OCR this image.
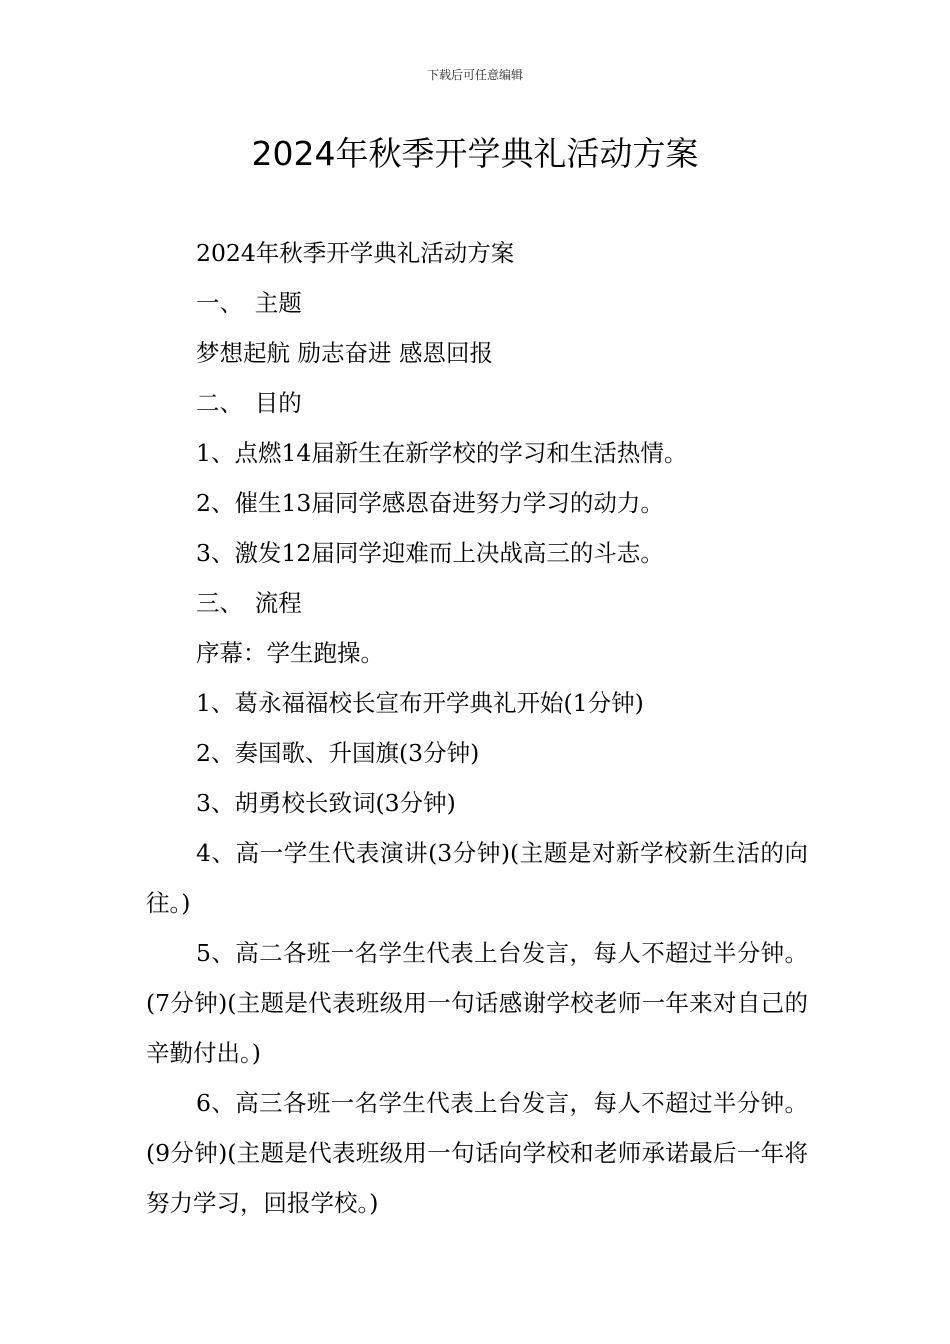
下载后可任意编辑
2024年秋季开学典礼活动方案
2024年秋季开学典礼活动方案
一、　主题
梦想起航 励志奋进 感恩回报
二、　目的
1、点燃14届新生在新学校的学习和生活热情。
2、催生13届同学感恩奋进努力学习的动力。
3、激发12届同学迎难而上决战高三的斗志。
三、　流程
序幕：学生跑操。
1、葛永福福校长宣布开学典礼开始(1分钟)
2、奏国歌、升国旗(3分钟)
3、胡勇校长致词(3分钟)
4、高一学生代表演讲(3分钟)(主题是对新学校新生活的向往。)
5、高二各班一名学生代表上台发言，每人不超过半分钟。(7分钟)(主题是代表班级用一句话感谢学校老师一年来对自己的辛勤付出。)
6、高三各班一名学生代表上台发言，每人不超过半分钟。(9分钟)(主题是代表班级用一句话向学校和老师承诺最后一年将努力学习，回报学校。)
